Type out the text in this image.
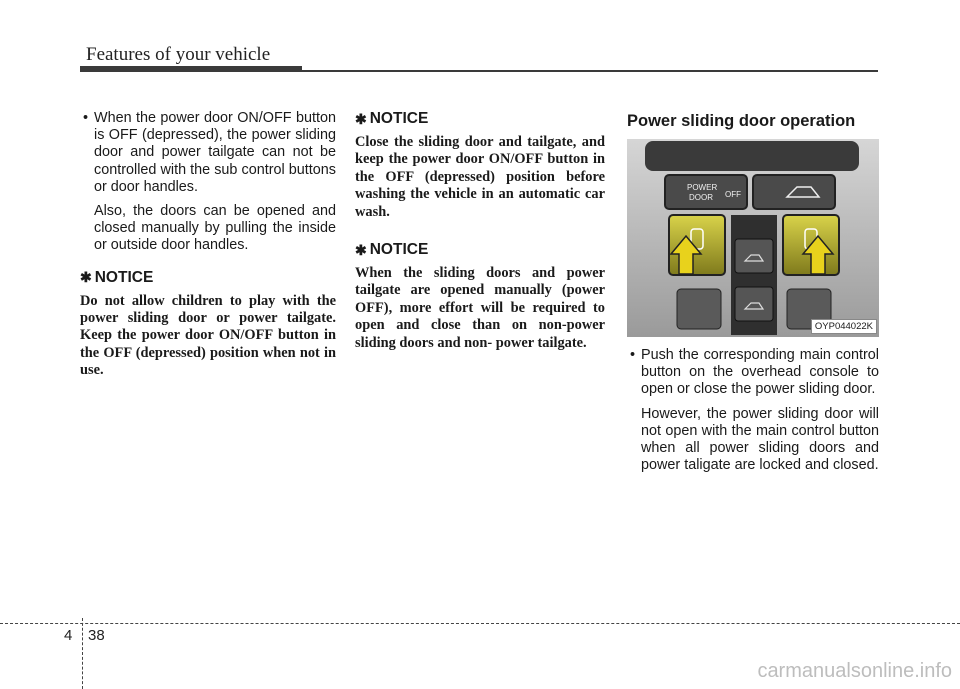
Features of your vehicle
• When the power door ON/OFF button is OFF (depressed), the power sliding door and power tailgate can not be controlled with the sub control buttons or door handles.
Also, the doors can be opened and closed manually by pulling the inside or outside door handles.
✱ NOTICE
Do not allow children to play with the power sliding door or power tailgate. Keep the power door ON/OFF button in the OFF (depressed) position when not in use.
✱ NOTICE
Close the sliding door and tailgate, and keep the power door ON/OFF button in the OFF (depressed) position before washing the vehicle in an automatic car wash.
✱ NOTICE
When the sliding doors and power tailgate are opened manually (power OFF), more effort will be required to open and close than on non-power sliding doors and non- power tailgate.
Power sliding door operation
POWER
DOOR OFF
OYP044022K
• Push the corresponding main control button on the overhead console to open or close the power sliding door.
However, the power sliding door will not open with the main control button when all power sliding doors and power taligate are locked and closed.
4 38
carmanualsonline.info
